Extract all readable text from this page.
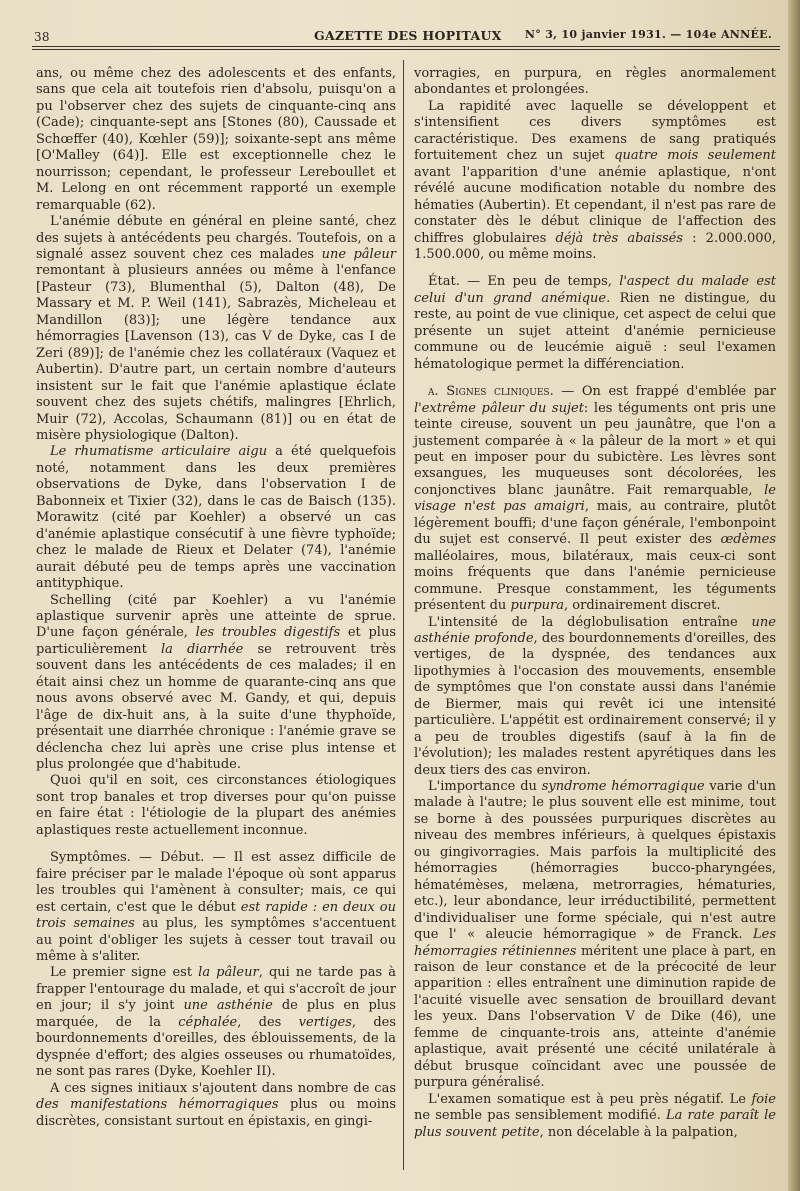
38	GAZETTE DES HOPITAUX N° 3, 10 janvier 1931. — 104e ANNÉE.

ans, ou même chez des adolescents et des enfants, sans que cela ait toutefois rien d'absolu, puisqu'on a pu l'observer chez des sujets de cinquante-cinq ans (Cade); cinquante-sept ans [Stones (80), Caussade et Schœffer (40), Kœhler (59)]; soixante-sept ans même [O'Malley (64)]. Elle est exceptionnelle chez le nourrisson; cependant, le professeur Lereboullet et M. Lelong en ont récemment rapporté un exemple remarquable (62).

L'anémie débute en général en pleine santé, chez des sujets à antécédents peu chargés. Toutefois, on a signalé assez souvent chez ces malades une pâleur remontant à plusieurs années ou même à l'enfance [Pasteur (73), Blumenthal (5), Dalton (48), De Massary et M. P. Weil (141), Sabrazès, Micheleau et Mandillon (83)]; une légère tendance aux hémorragies [Lavenson (13), cas V de Dyke, cas I de Zeri (89)]; de l'anémie chez les collatéraux (Vaquez et Aubertin). D'autre part, un certain nombre d'auteurs insistent sur le fait que l'anémie aplastique éclate souvent chez des sujets chétifs, malingres [Ehrlich, Muir (72), Accolas, Schaumann (81)] ou en état de misère physiologique (Dalton).

Le rhumatisme articulaire aigu a été quelquefois noté, notamment dans les deux premières observations de Dyke, dans l'observation I de Babonneix et Tixier (32), dans le cas de Baisch (135). Morawitz (cité par Koehler) a observé un cas d'anémie aplastique consécutif à une fièvre typhoïde; chez le malade de Rieux et Delater (74), l'anémie aurait débuté peu de temps après une vaccination antityphique.

Schelling (cité par Koehler) a vu l'anémie aplastique survenir après une atteinte de sprue. D'une façon générale, les troubles digestifs et plus particulièrement la diarrhée se retrouvent très souvent dans les antécédents de ces malades; il en était ainsi chez un homme de quarante-cinq ans que nous avons observé avec M. Gandy, et qui, depuis l'âge de dix-huit ans, à la suite d'une thyphoïde, présentait une diarrhée chronique : l'anémie grave se déclencha chez lui après une crise plus intense et plus prolongée que d'habitude.

Quoi qu'il en soit, ces circonstances étiologiques sont trop banales et trop diverses pour qu'on puisse en faire état : l'étiologie de la plupart des anémies aplastiques reste actuellement inconnue.

Symptômes. — Début. — Il est assez difficile de faire préciser par le malade l'époque où sont apparus les troubles qui l'amènent à consulter; mais, ce qui est certain, c'est que le début est rapide : en deux ou trois semaines au plus, les symptômes s'accentuent au point d'obliger les sujets à cesser tout travail ou même à s'aliter.

Le premier signe est la pâleur, qui ne tarde pas à frapper l'entourage du malade, et qui s'accroît de jour en jour; il s'y joint une asthénie de plus en plus marquée, de la céphalée, des vertiges, des bourdonnements d'oreilles, des éblouissements, de la dyspnée d'effort; des algies osseuses ou rhumatoïdes, ne sont pas rares (Dyke, Koehler II).

A ces signes initiaux s'ajoutent dans nombre de cas des manifestations hémorragiques plus ou moins discrètes, consistant surtout en épistaxis, en gingi-

vorragies, en purpura, en règles anormalement abondantes et prolongées.

La rapidité avec laquelle se développent et s'intensifient ces divers symptômes est caractéristique. Des examens de sang pratiqués fortuitement chez un sujet quatre mois seulement avant l'apparition d'une anémie aplastique, n'ont révélé aucune modification notable du nombre des hématies (Aubertin). Et cependant, il n'est pas rare de constater dès le début clinique de l'affection des chiffres globulaires déjà très abaissés : 2.000.000, 1.500.000, ou même moins.

État. — En peu de temps, l'aspect du malade est celui d'un grand anémique. Rien ne distingue, du reste, au point de vue clinique, cet aspect de celui que présente un sujet atteint d'anémie pernicieuse commune ou de leucémie aiguë : seul l'examen hématologique permet la différenciation.

a. Signes cliniques. — On est frappé d'emblée par l'extrême pâleur du sujet: les téguments ont pris une teinte cireuse, souvent un peu jaunâtre, que l'on a justement comparée à « la pâleur de la mort » et qui peut en imposer pour du subictère. Les lèvres sont exsangues, les muqueuses sont décolorées, les conjonctives blanc jaunâtre. Fait remarquable, le visage n'est pas amaigri, mais, au contraire, plutôt légèrement bouffi; d'une façon générale, l'embonpoint du sujet est conservé. Il peut exister des œdèmes malléolaires, mous, bilatéraux, mais ceux-ci sont moins fréquents que dans l'anémie pernicieuse commune. Presque constamment, les téguments présentent du purpura, ordinairement discret.

L'intensité de la déglobulisation entraîne une asthénie profonde, des bourdonnements d'oreilles, des vertiges, de la dyspnée, des tendances aux lipothymies à l'occasion des mouvements, ensemble de symptômes que l'on constate aussi dans l'anémie de Biermer, mais qui revêt ici une intensité particulière. L'appétit est ordinairement conservé; il y a peu de troubles digestifs (sauf à la fin de l'évolution); les malades restent apyrétiques dans les deux tiers des cas environ.

L'importance du syndrome hémorragique varie d'un malade à l'autre; le plus souvent elle est minime, tout se borne à des poussées purpuriques discrètes au niveau des membres inférieurs, à quelques épistaxis ou gingivorragies. Mais parfois la multiplicité des hémorragies (hémorragies bucco-pharyngées, hématémèses, melæna, metrorragies, hématuries, etc.), leur abondance, leur irréductibilité, permettent d'individualiser une forme spéciale, qui n'est autre que l' « aleucie hémorragique » de Franck. Les hémorragies rétiniennes méritent une place à part, en raison de leur constance et de la précocité de leur apparition : elles entraînent une diminution rapide de l'acuité visuelle avec sensation de brouillard devant les yeux. Dans l'observation V de Dike (46), une femme de cinquante-trois ans, atteinte d'anémie aplastique, avait présenté une cécité unilatérale à début brusque coïncidant avec une poussée de purpura généralisé.

L'examen somatique est à peu près négatif. Le foie ne semble pas sensiblement modifié. La rate paraît le plus souvent petite, non décelable à la palpation,
